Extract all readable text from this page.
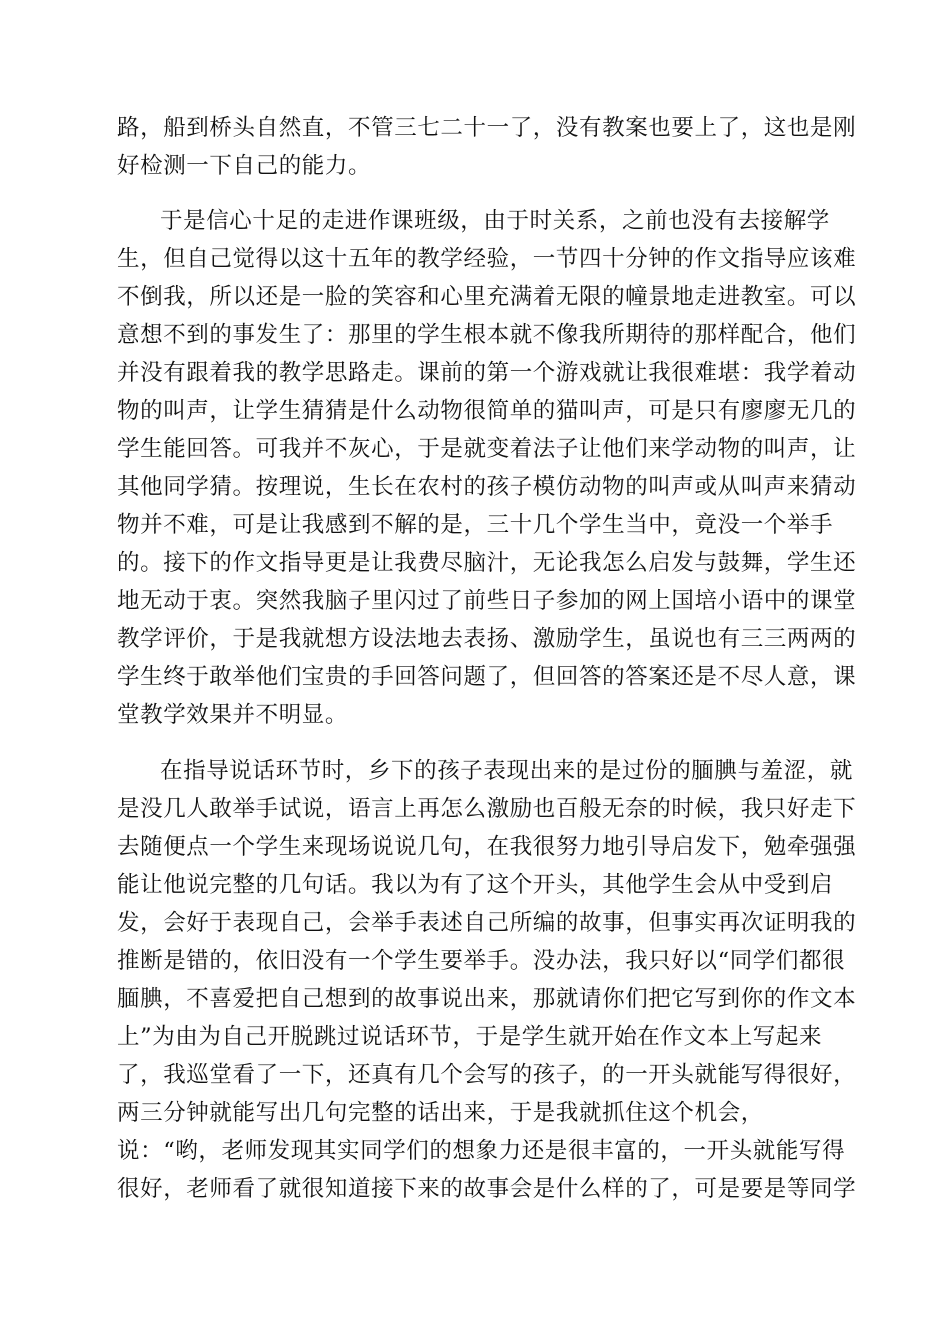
路，船到桥头自然直，不管三七二十一了，没有教案也要上了，这也是刚
好检测一下自己的能力。
于是信心十足的走进作课班级，由于时关系，之前也没有去接解学
生，但自己觉得以这十五年的教学经验，一节四十分钟的作文指导应该难
不倒我，所以还是一脸的笑容和心里充满着无限的幢景地走进教室。可以
意想不到的事发生了：那里的学生根本就不像我所期待的那样配合，他们
并没有跟着我的教学思路走。课前的第一个游戏就让我很难堪：我学着动
物的叫声，让学生猜猜是什么动物很简单的猫叫声，可是只有廖廖无几的
学生能回答。可我并不灰心，于是就变着法子让他们来学动物的叫声，让
其他同学猜。按理说，生长在农村的孩子模仿动物的叫声或从叫声来猜动
物并不难，可是让我感到不解的是，三十几个学生当中，竟没一个举手
的。接下的作文指导更是让我费尽脑汁，无论我怎么启发与鼓舞，学生还
地无动于衷。突然我脑子里闪过了前些日子参加的网上国培小语中的课堂
教学评价，于是我就想方设法地去表扬、激励学生，虽说也有三三两两的
学生终于敢举他们宝贵的手回答问题了，但回答的答案还是不尽人意，课
堂教学效果并不明显。
在指导说话环节时，乡下的孩子表现出来的是过份的腼腆与羞涩，就
是没几人敢举手试说，语言上再怎么激励也百般无奈的时候，我只好走下
去随便点一个学生来现场说说几句，在我很努力地引导启发下，勉牵强强
能让他说完整的几句话。我以为有了这个开头，其他学生会从中受到启
发，会好于表现自己，会举手表述自己所编的故事，但事实再次证明我的
推断是错的，依旧没有一个学生要举手。没办法，我只好以“同学们都很
腼腆，不喜爱把自己想到的故事说出来，那就请你们把它写到你的作文本
上”为由为自己开脱跳过说话环节，于是学生就开始在作文本上写起来
了，我巡堂看了一下，还真有几个会写的孩子，的一开头就能写得很好，
两三分钟就能写出几句完整的话出来，于是我就抓住这个机会，
说：“哟，老师发现其实同学们的想象力还是很丰富的，一开头就能写得
很好，老师看了就很知道接下来的故事会是什么样的了，可是要是等同学
